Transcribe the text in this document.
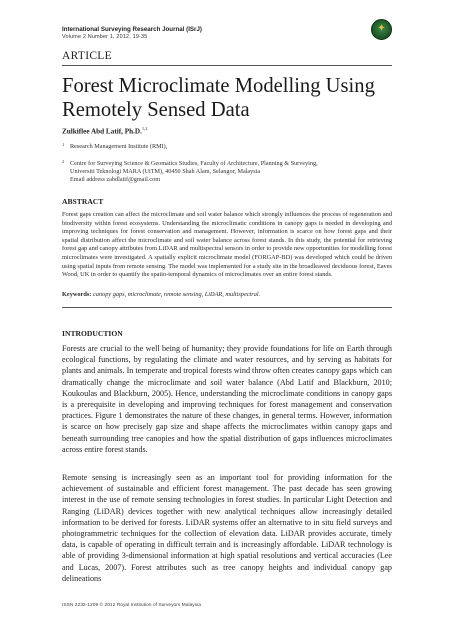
International Surveying Research Journal (ISrJ)
Volume 2 Number 1, 2012, 19-35
✦
ARTICLE
Forest Microclimate Modelling Using Remotely Sensed Data
Zulkiflee Abd Latif, Ph.D.$^{1,2}$
1 Research Management Institute (RMI),
2 Centre for Surveying Science & Geomatics Studies, Faculty of Architecture, Planning & Surveying,
Universiti Teknologi MARA (UiTM), 40450 Shah Alam, Selangor, Malaysia
Email address zabdlatif@gmail.com
ABSTRACT
Forest gaps creation can affect the microclimate and soil water balance which strongly influences the process of regeneration and biodiversity within forest ecosystems. Understanding the microclimatic conditions in canopy gaps is needed in developing and improving techniques for forest conservation and management. However, information is scarce on how forest gaps and their spatial distribution affect the microclimate and soil water balance across forest stands. In this study, the potential for retrieving forest gap and canopy attributes from LiDAR and multispectral sensors in order to provide new opportunities for modelling forest microclimates were investigated. A spatially explicit microclimate model (FORGAP-BD) was developed which could be driven using spatial inputs from remote sensing. The model was implemented for a study site in the broadleaved deciduous forest, Eaves Wood, UK in order to quantify the spatio-temporal dynamics of microclimates over an entire forest stands.
Keywords: canopy gaps, microclimate, remote sensing, LiDAR, multispectral.
INTRODUCTION
Forests are crucial to the well being of humanity; they provide foundations for life on Earth through ecological functions, by regulating the climate and water resources, and by serving as habitats for plants and animals. In temperate and tropical forests wind throw often creates canopy gaps which can dramatically change the microclimate and soil water balance (Abd Latif and Blackburn, 2010; Koukoulas and Blackburn, 2005). Hence, understanding the microclimate conditions in canopy gaps is a prerequisite in developing and improving techniques for forest management and conservation practices. Figure 1 demonstrates the nature of these changes, in general terms. However, information is scarce on how precisely gap size and shape affects the microclimates within canopy gaps and beneath surrounding tree canopies and how the spatial distribution of gaps influences microclimates across entire forest stands.
Remote sensing is increasingly seen as an important tool for providing information for the achievement of sustainable and efficient forest management. The past decade has seen growing interest in the use of remote sensing technologies in forest studies. In particular Light Detection and Ranging (LiDAR) devices together with new analytical techniques allow increasingly detailed information to be derived for forests. LiDAR systems offer an alternative to in situ field surveys and photogrammetric techniques for the collection of elevation data. LiDAR provides accurate, timely data, is capable of operating in difficult terrain and is increasingly affordable. LiDAR technology is able of providing 3-dimensional information at high spatial resolutions and vertical accuracies (Lee and Lucas, 2007). Forest attributes such as tree canopy heights and individual canopy gap delineations
ISSN 2232-1209 © 2012 Royal Institution of Surveyors Malaysia
